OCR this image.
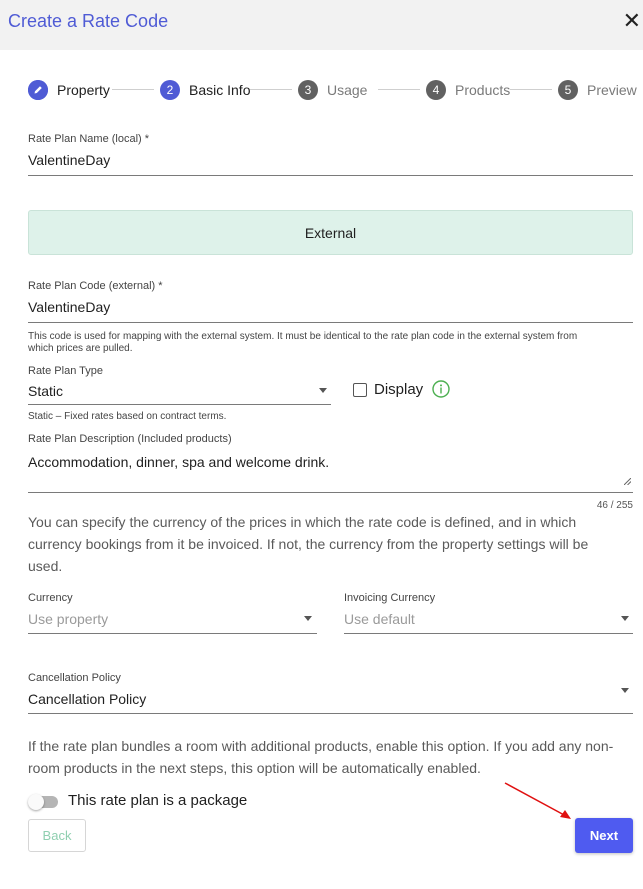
Create a Rate Code	✕
Property	2	Basic Info	3	Usage	4	Products	5	Preview
Rate Plan Name (local) *
ValentineDay
External
Rate Plan Code (external) *
ValentineDay
This code is used for mapping with the external system. It must be identical to the rate plan code in the external system from
which prices are pulled.
Rate Plan Type
Static	Display
Static – Fixed rates based on contract terms.
Rate Plan Description (Included products)
Accommodation, dinner, spa and welcome drink.
46 / 255
You can specify the currency of the prices in which the rate code is defined, and in which
currency bookings from it be invoiced. If not, the currency from the property settings will be
used.
Currency
Use property
Invoicing Currency
Use default
Cancellation Policy
Cancellation Policy
If the rate plan bundles a room with additional products, enable this option. If you add any non-
room products in the next steps, this option will be automatically enabled.
This rate plan is a package
Back	Next
